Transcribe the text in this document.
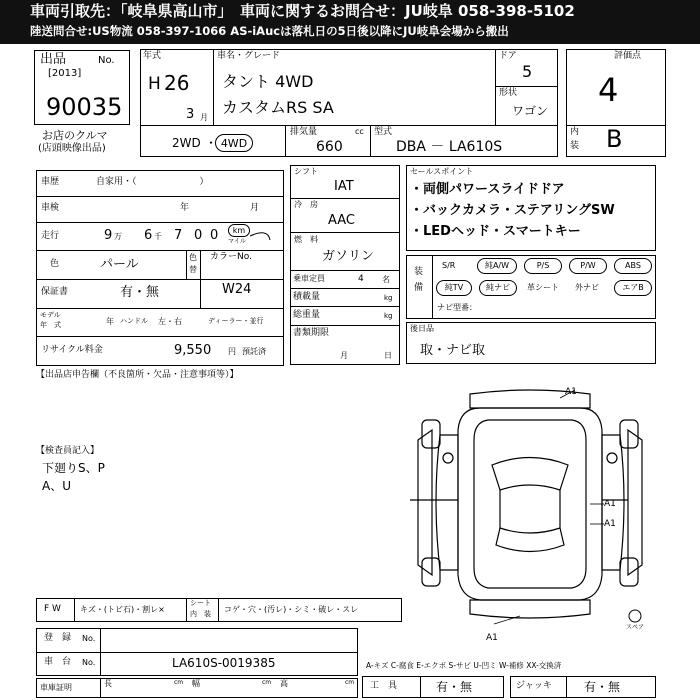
車両引取先：「岐阜県高山市」　車両に関するお問合せ：JU岐阜 058-398-5102
陸送問合せ:US物流 058-397-1066 AS-iAucは落札日の5日後以降にJU岐阜会場から搬出
出品	No.
[2013]
90035
お店のクルマ
(店頭映像出品)
年式
H 26
3 月
車名・グレード
タント 4WD
カスタムRS SA
ドア
5
形状
ワゴン
2WD ・ 4WD
排気量	cc
660
型式
DBA － LA610S
評価点
4
内
装 B
車歴	自家用・（　　　　　　　）
車検	年	月
走行	9 万 6 千 7 0 0	km
マイル
色	パール	色
替
カラーNo.
W24
保証書	有・無
モデル
年　式	年 ハンドル 左・右	ディーラー・並行
リサイクル料金	9,550 円 預託済
シフト
IAT
冷　房
AAC
燃　料
ガソリン
乗車定員	4 名
積載量	kg
総重量	kg
書類期限
月	日
セールスポイント
・両側パワースライドドア
・バックカメラ・ステアリングSW
・LEDヘッド・スマートキー
装
備
S/R	純A/W	P/S	P/W	ABS
純TV	純ナビ	革シート 外ナビ	エアB
ナビ型番：
後日品
取・ナビ取
【出品店申告欄（不良箇所・欠品・注意事項等）】
【検査員記入】
下廻りS、P
A、U
A1
A1
A1
A1
スペア
F W キズ・(トビ石)・割レ×
シート
内　装 コゲ・穴・(汚レ)・シミ・破レ・スレ
登　録 No.
車　台 No.	LA610S-0019385	A-キズ C-腐食 E-エクボ S-サビ U-凹ミ W-補修 XX-交換済
車庫証明	長	cm 幅	cm 高	cm 工　具	有・無	ジャッキ	有・無
